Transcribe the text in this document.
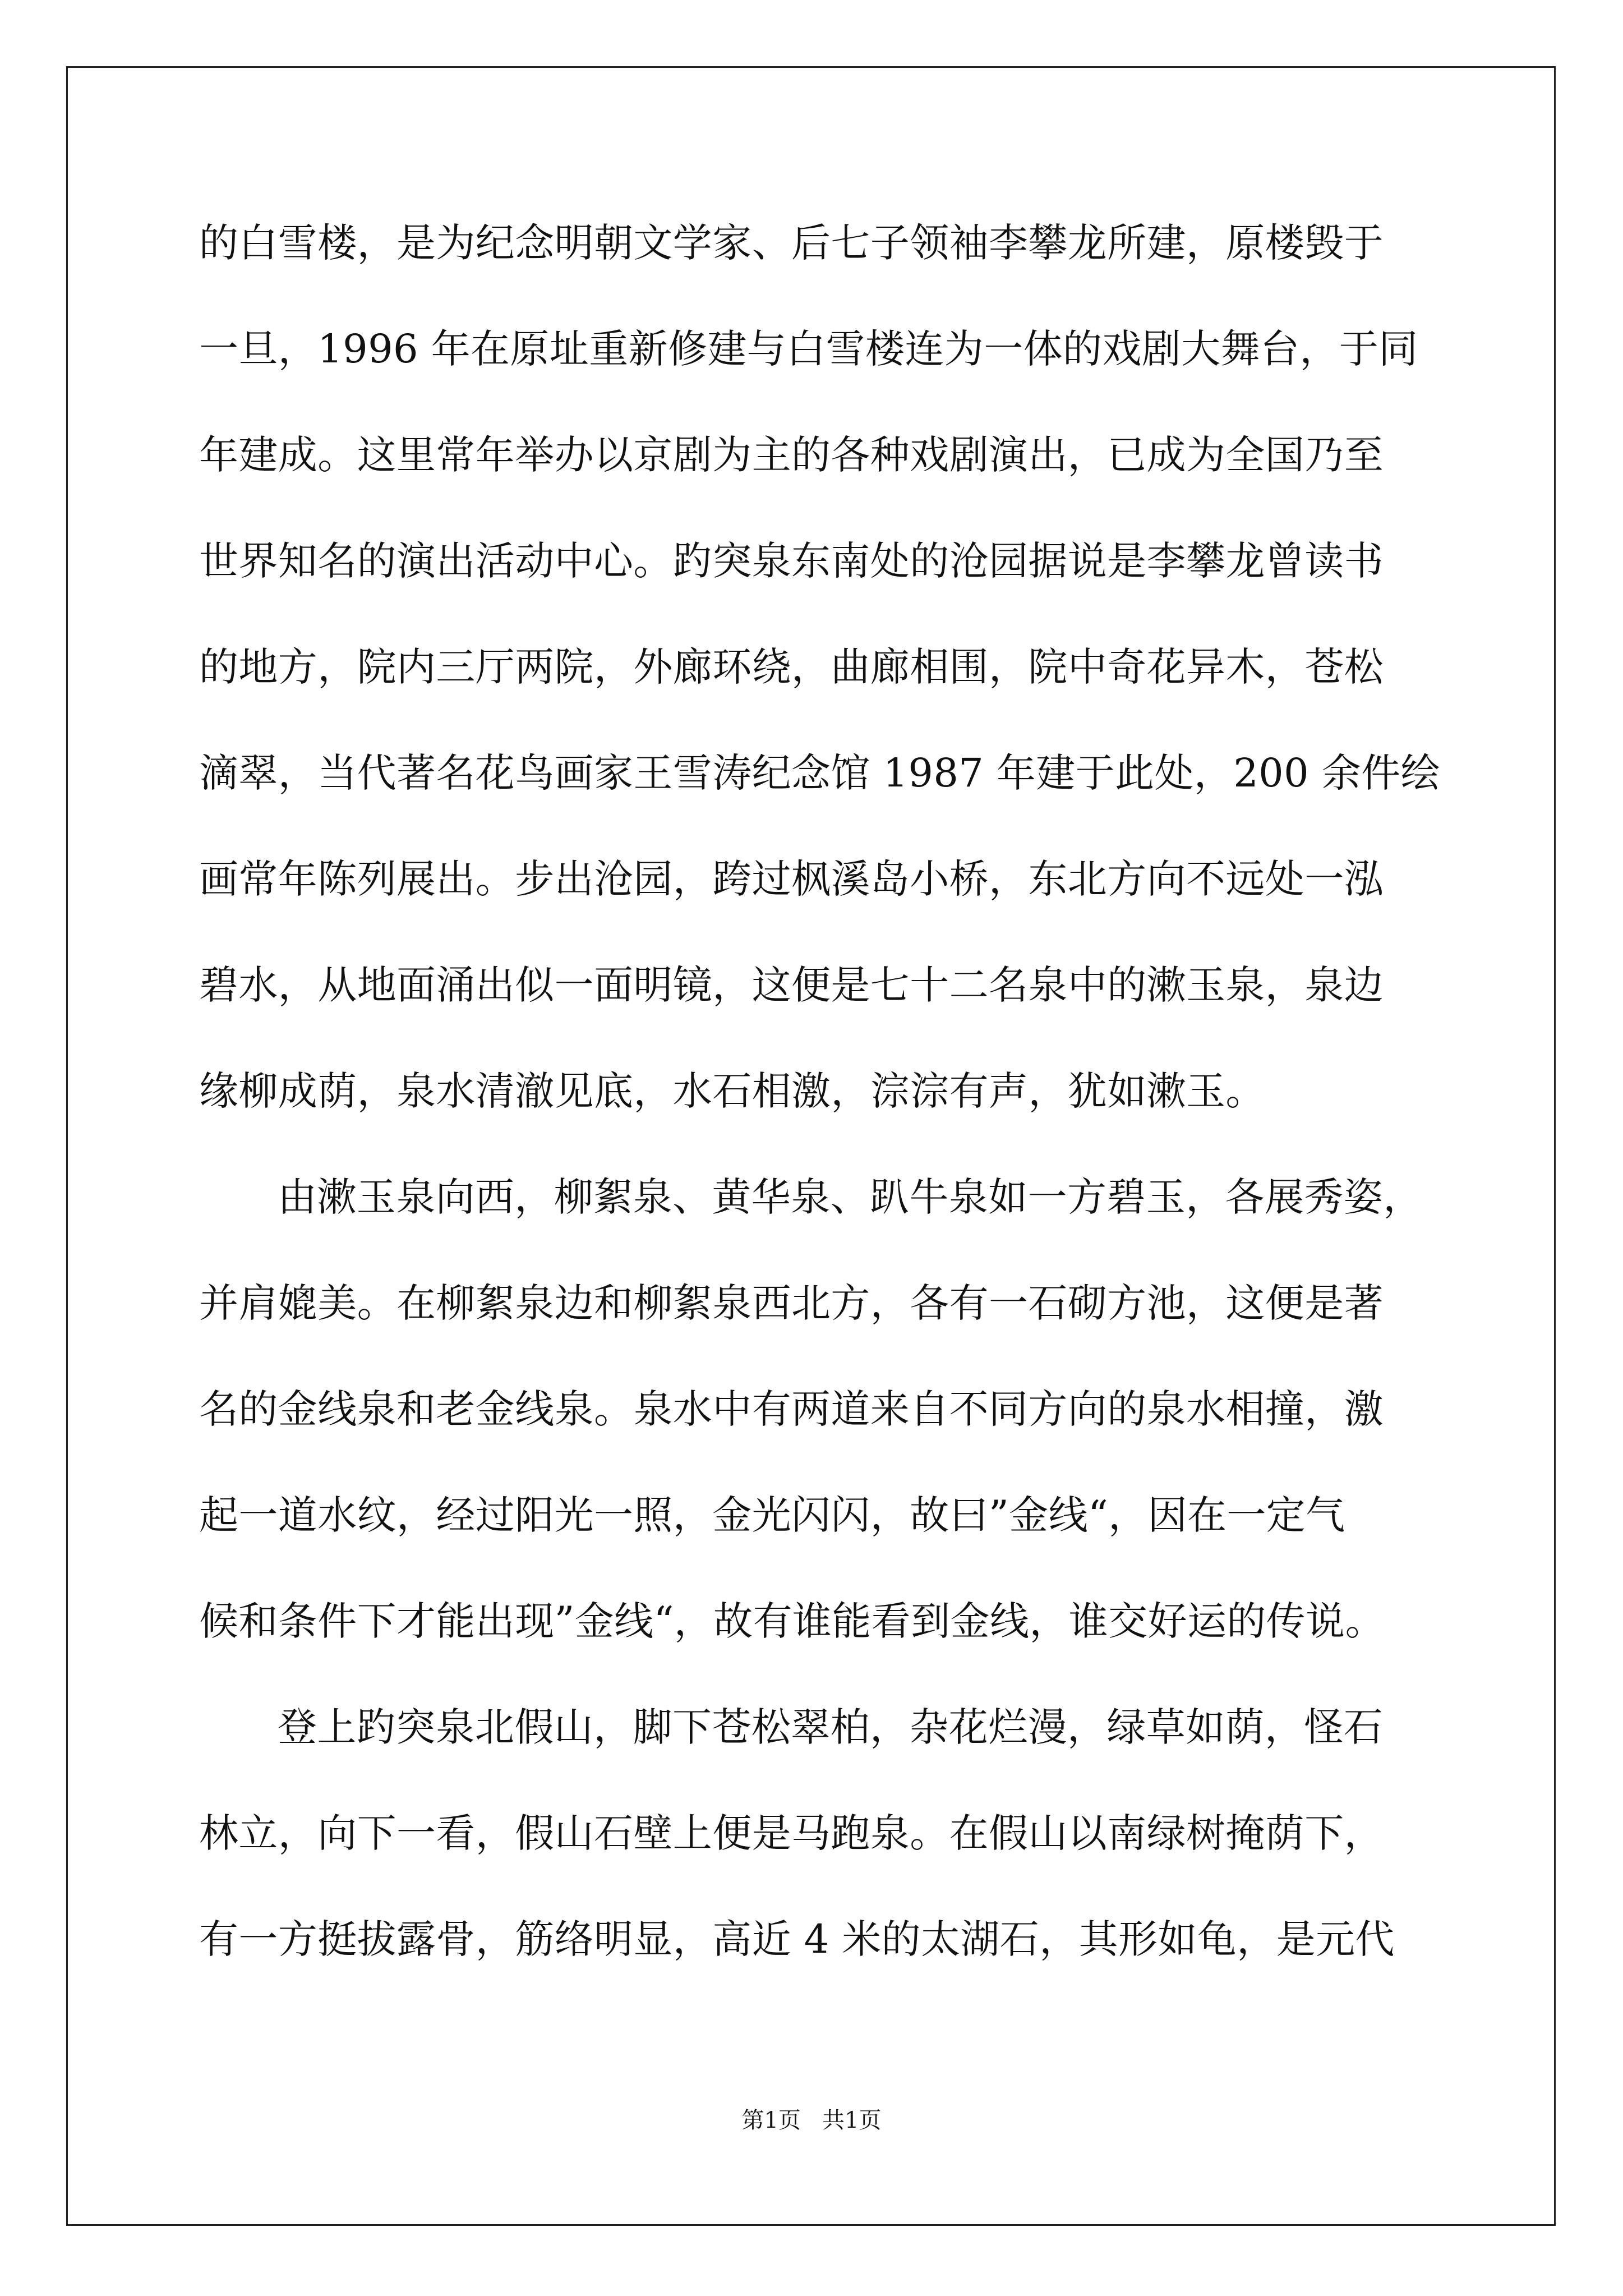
的白雪楼，是为纪念明朝文学家、后七子领袖李攀龙所建，原楼毁于
一旦，1996 年在原址重新修建与白雪楼连为一体的戏剧大舞台，于同
年建成。这里常年举办以京剧为主的各种戏剧演出，已成为全国乃至
世界知名的演出活动中心。趵突泉东南处的沧园据说是李攀龙曾读书
的地方，院内三厅两院，外廊环绕，曲廊相围，院中奇花异木，苍松
滴翠，当代著名花鸟画家王雪涛纪念馆 1987 年建于此处，200 余件绘
画常年陈列展出。步出沧园，跨过枫溪岛小桥，东北方向不远处一泓
碧水，从地面涌出似一面明镜，这便是七十二名泉中的漱玉泉，泉边
缘柳成荫，泉水清澈见底，水石相激，淙淙有声，犹如漱玉。
由漱玉泉向西，柳絮泉、黄华泉、趴牛泉如一方碧玉，各展秀姿，
并肩媲美。在柳絮泉边和柳絮泉西北方，各有一石砌方池，这便是著
名的金线泉和老金线泉。泉水中有两道来自不同方向的泉水相撞，激
起一道水纹，经过阳光一照，金光闪闪，故曰”金线“，因在一定气
候和条件下才能出现”金线“，故有谁能看到金线，谁交好运的传说。
登上趵突泉北假山，脚下苍松翠柏，杂花烂漫，绿草如荫，怪石
林立，向下一看，假山石壁上便是马跑泉。在假山以南绿树掩荫下，
有一方挺拔露骨，筋络明显，高近 4 米的太湖石，其形如龟，是元代
第1页   共1页
